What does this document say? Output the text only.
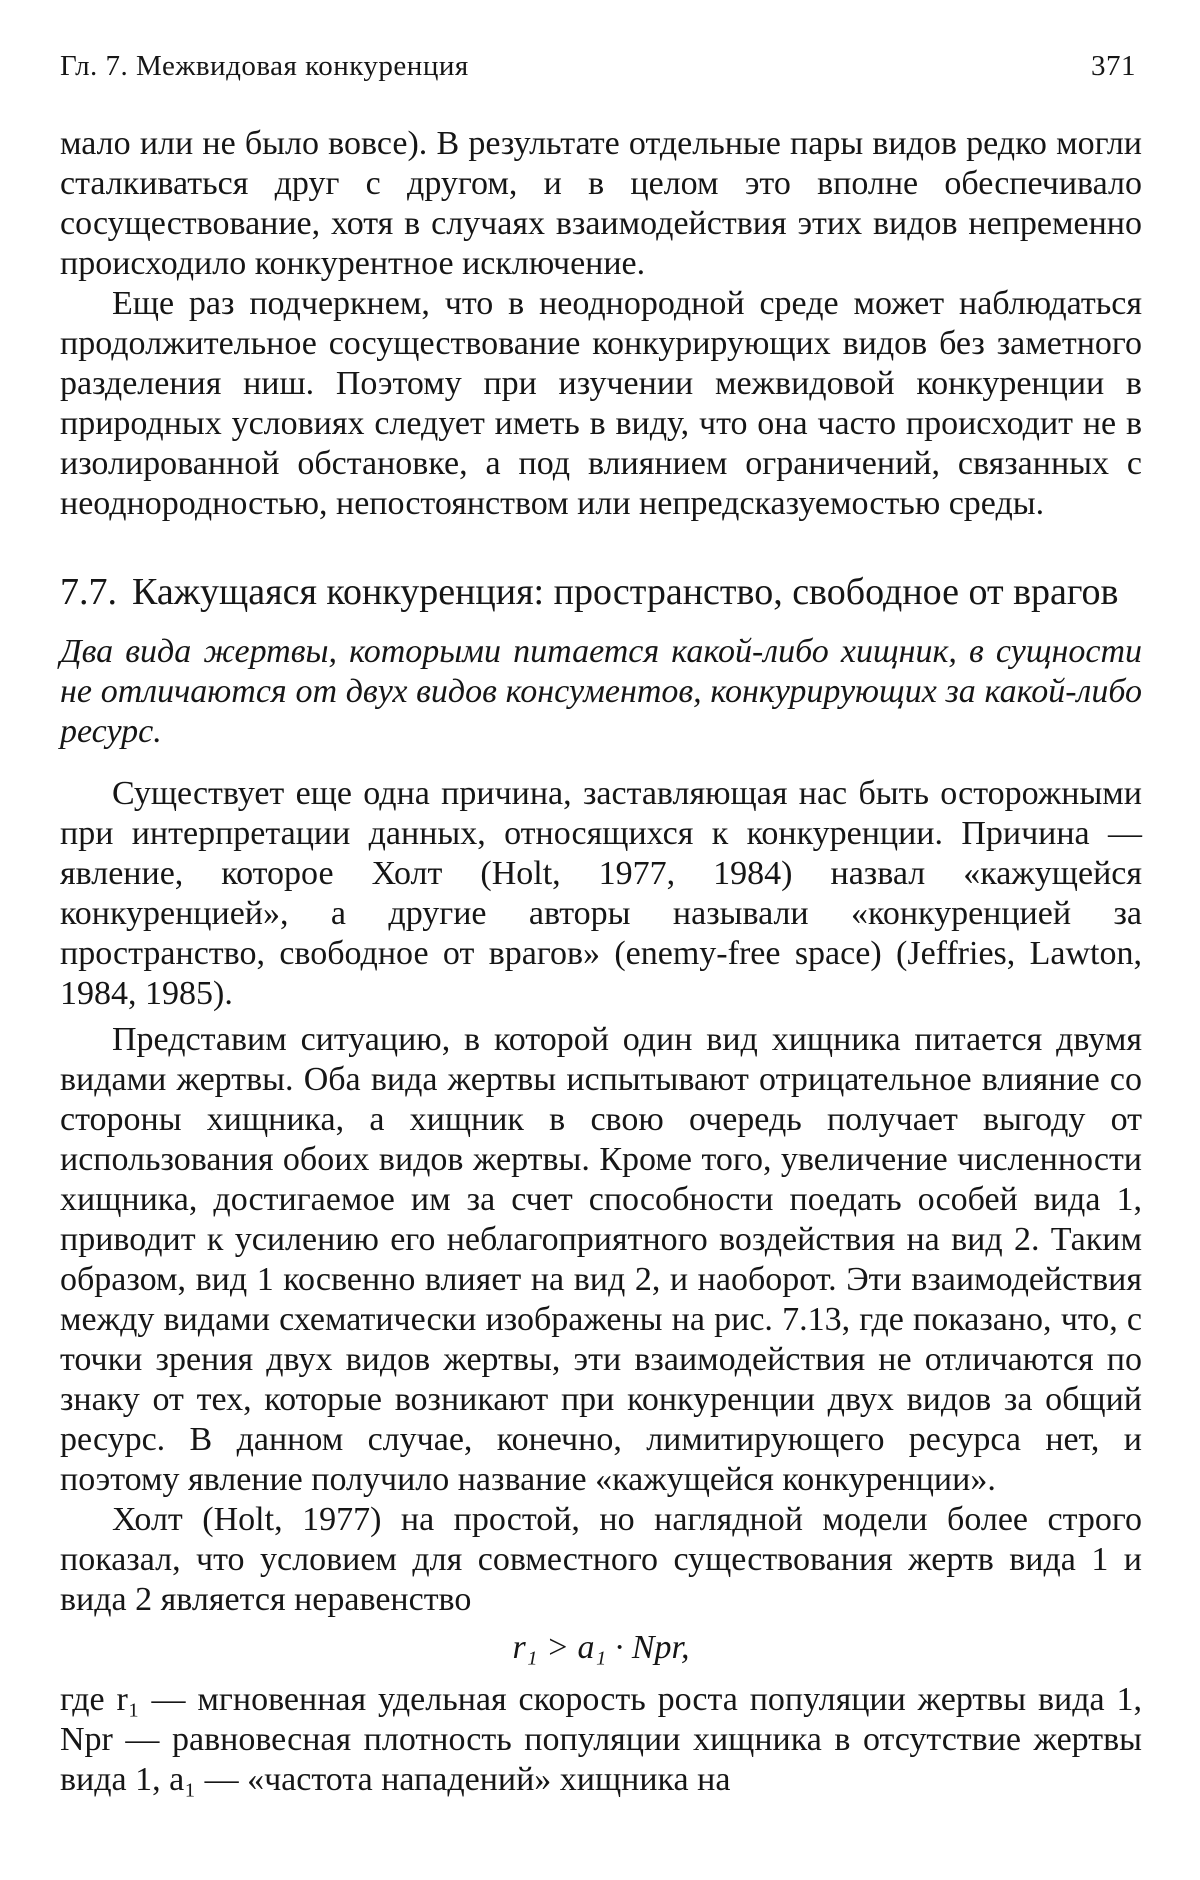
Гл. 7. Межвидовая конкуренция	371

мало или не было вовсе). В результате отдельные пары видов редко могли сталкиваться друг с другом, и в целом это вполне обеспечивало сосуществование, хотя в случаях взаимодействия этих видов непременно происходило конкурентное исключение.

Еще раз подчеркнем, что в неоднородной среде может наблюдаться продолжительное сосуществование конкурирующих видов без заметного разделения ниш. Поэтому при изучении межвидовой конкуренции в природных условиях следует иметь в виду, что она часто происходит не в изолированной обстановке, а под влиянием ограничений, связанных с неоднородностью, непостоянством или непредсказуемостью среды.

7.7. Кажущаяся конкуренция: пространство, свободное от врагов

Два вида жертвы, которыми питается какой-либо хищник, в сущности не отличаются от двух видов консументов, конкурирующих за какой-либо ресурс.

Существует еще одна причина, заставляющая нас быть осторожными при интерпретации данных, относящихся к конкуренции. Причина — явление, которое Холт (Holt, 1977, 1984) назвал «кажущейся конкуренцией», а другие авторы называли «конкуренцией за пространство, свободное от врагов» (enemy-free space) (Jeffries, Lawton, 1984, 1985).

Представим ситуацию, в которой один вид хищника питается двумя видами жертвы. Оба вида жертвы испытывают отрицательное влияние со стороны хищника, а хищник в свою очередь получает выгоду от использования обоих видов жертвы. Кроме того, увеличение численности хищника, достигаемое им за счет способности поедать особей вида 1, приводит к усилению его неблагоприятного воздействия на вид 2. Таким образом, вид 1 косвенно влияет на вид 2, и наоборот. Эти взаимодействия между видами схематически изображены на рис. 7.13, где показано, что, с точки зрения двух видов жертвы, эти взаимодействия не отличаются по знаку от тех, которые возникают при конкуренции двух видов за общий ресурс. В данном случае, конечно, лимитирующего ресурса нет, и поэтому явление получило название «кажущейся конкуренции».

Холт (Holt, 1977) на простой, но наглядной модели более строго показал, что условием для совместного существования жертв вида 1 и вида 2 является неравенство

r₁ > a₁ · Npr,

где r₁ — мгновенная удельная скорость роста популяции жертвы вида 1, Npr — равновесная плотность популяции хищника в отсутствие жертвы вида 1, a₁ — «частота нападений» хищника на
